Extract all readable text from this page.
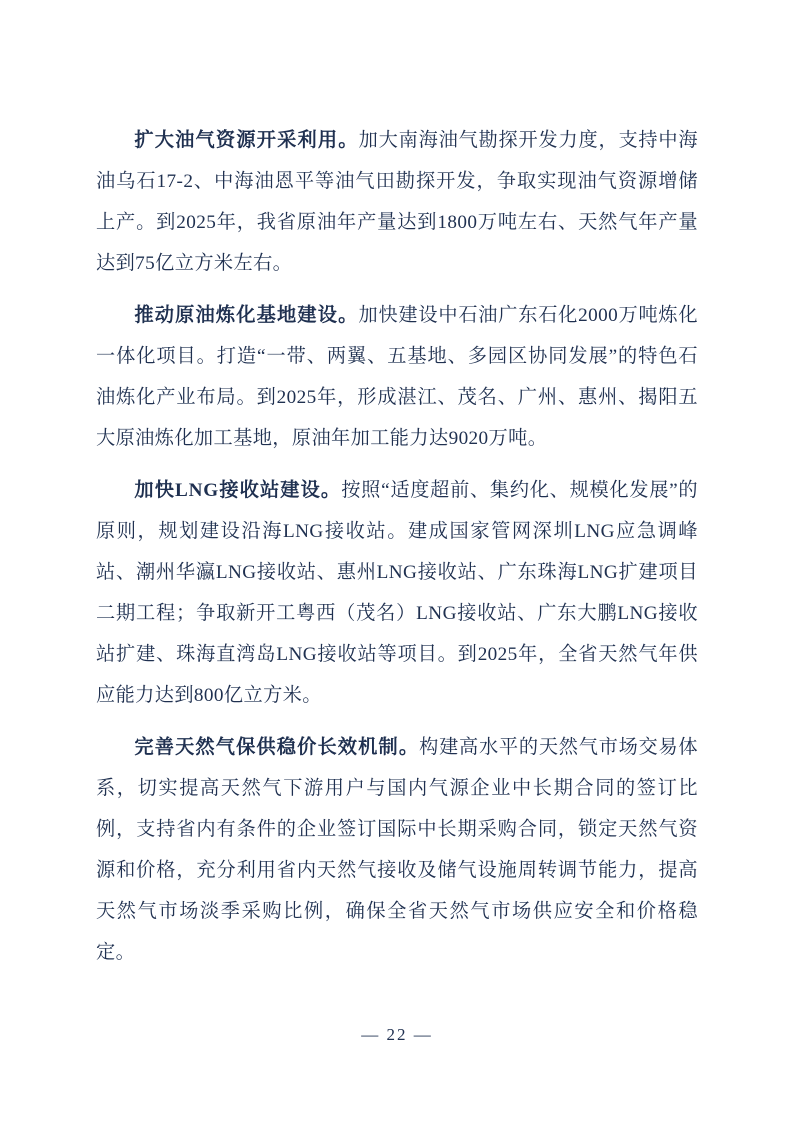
扩大油气资源开采利用。加大南海油气勘探开发力度，支持中海油乌石17-2、中海油恩平等油气田勘探开发，争取实现油气资源增储上产。到2025年，我省原油年产量达到1800万吨左右、天然气年产量达到75亿立方米左右。

推动原油炼化基地建设。加快建设中石油广东石化2000万吨炼化一体化项目。打造“一带、两翼、五基地、多园区协同发展”的特色石油炼化产业布局。到2025年，形成湛江、茂名、广州、惠州、揭阳五大原油炼化加工基地，原油年加工能力达9020万吨。

加快LNG接收站建设。按照“适度超前、集约化、规模化发展”的原则，规划建设沿海LNG接收站。建成国家管网深圳LNG应急调峰站、潮州华瀛LNG接收站、惠州LNG接收站、广东珠海LNG扩建项目二期工程；争取新开工粤西（茂名）LNG接收站、广东大鹏LNG接收站扩建、珠海直湾岛LNG接收站等项目。到2025年，全省天然气年供应能力达到800亿立方米。

完善天然气保供稳价长效机制。构建高水平的天然气市场交易体系，切实提高天然气下游用户与国内气源企业中长期合同的签订比例，支持省内有条件的企业签订国际中长期采购合同，锁定天然气资源和价格，充分利用省内天然气接收及储气设施周转调节能力，提高天然气市场淡季采购比例，确保全省天然气市场供应安全和价格稳定。

— 22 —
